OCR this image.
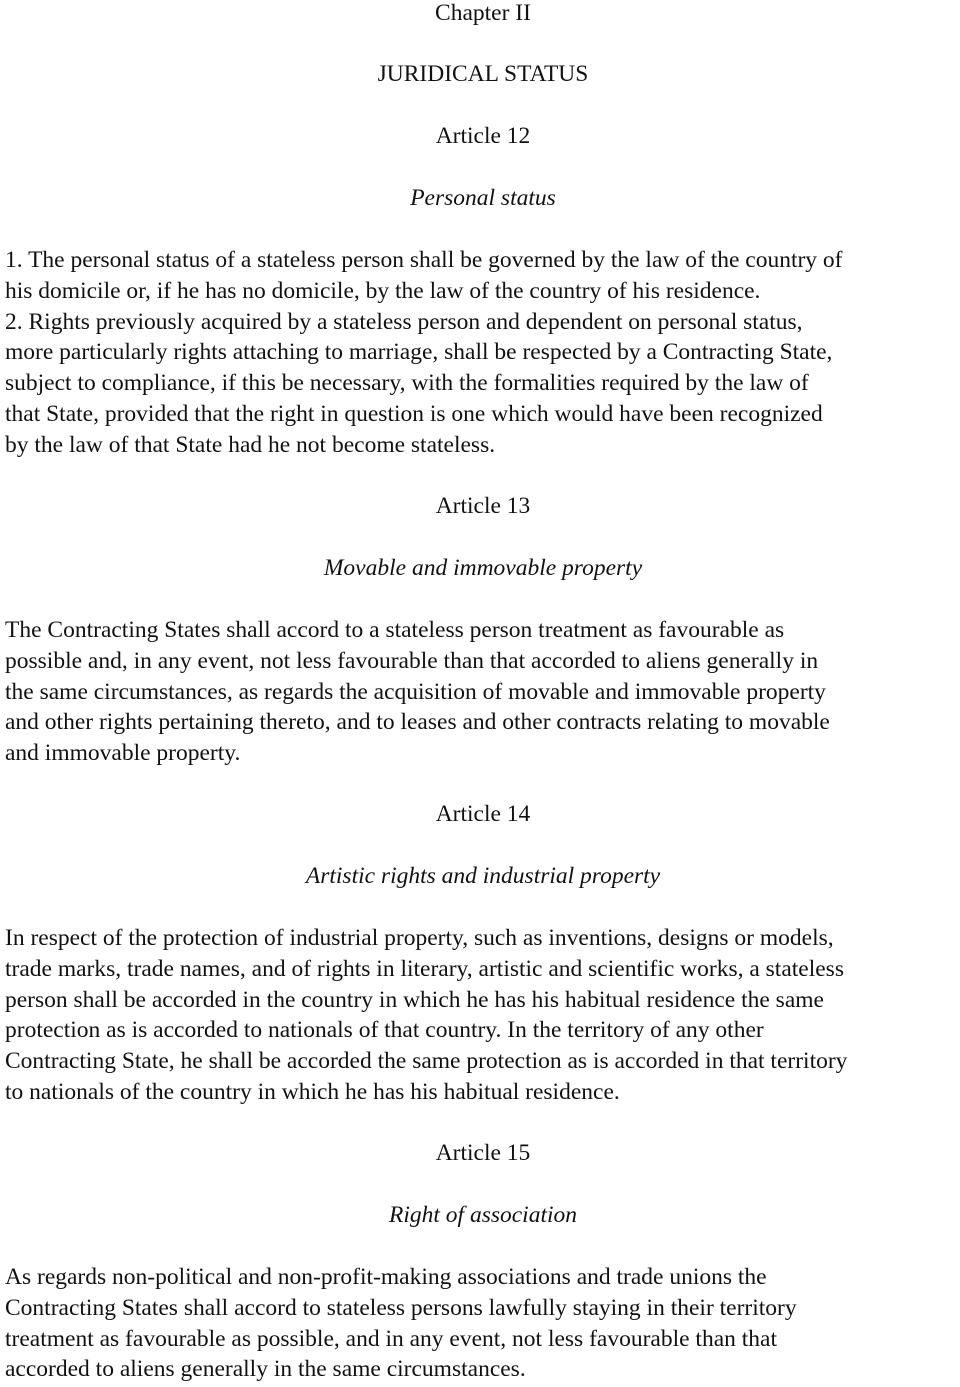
Chapter II

JURIDICAL STATUS

Article 12

Personal status

1. The personal status of a stateless person shall be governed by the law of the country of
his domicile or, if he has no domicile, by the law of the country of his residence.
2. Rights previously acquired by a stateless person and dependent on personal status,
more particularly rights attaching to marriage, shall be respected by a Contracting State,
subject to compliance, if this be necessary, with the formalities required by the law of
that State, provided that the right in question is one which would have been recognized
by the law of that State had he not become stateless.

Article 13

Movable and immovable property

The Contracting States shall accord to a stateless person treatment as favourable as
possible and, in any event, not less favourable than that accorded to aliens generally in
the same circumstances, as regards the acquisition of movable and immovable property
and other rights pertaining thereto, and to leases and other contracts relating to movable
and immovable property.

Article 14

Artistic rights and industrial property

In respect of the protection of industrial property, such as inventions, designs or models,
trade marks, trade names, and of rights in literary, artistic and scientific works, a stateless
person shall be accorded in the country in which he has his habitual residence the same
protection as is accorded to nationals of that country. In the territory of any other
Contracting State, he shall be accorded the same protection as is accorded in that territory
to nationals of the country in which he has his habitual residence.

Article 15

Right of association

As regards non-political and non-profit-making associations and trade unions the
Contracting States shall accord to stateless persons lawfully staying in their territory
treatment as favourable as possible, and in any event, not less favourable than that
accorded to aliens generally in the same circumstances.
